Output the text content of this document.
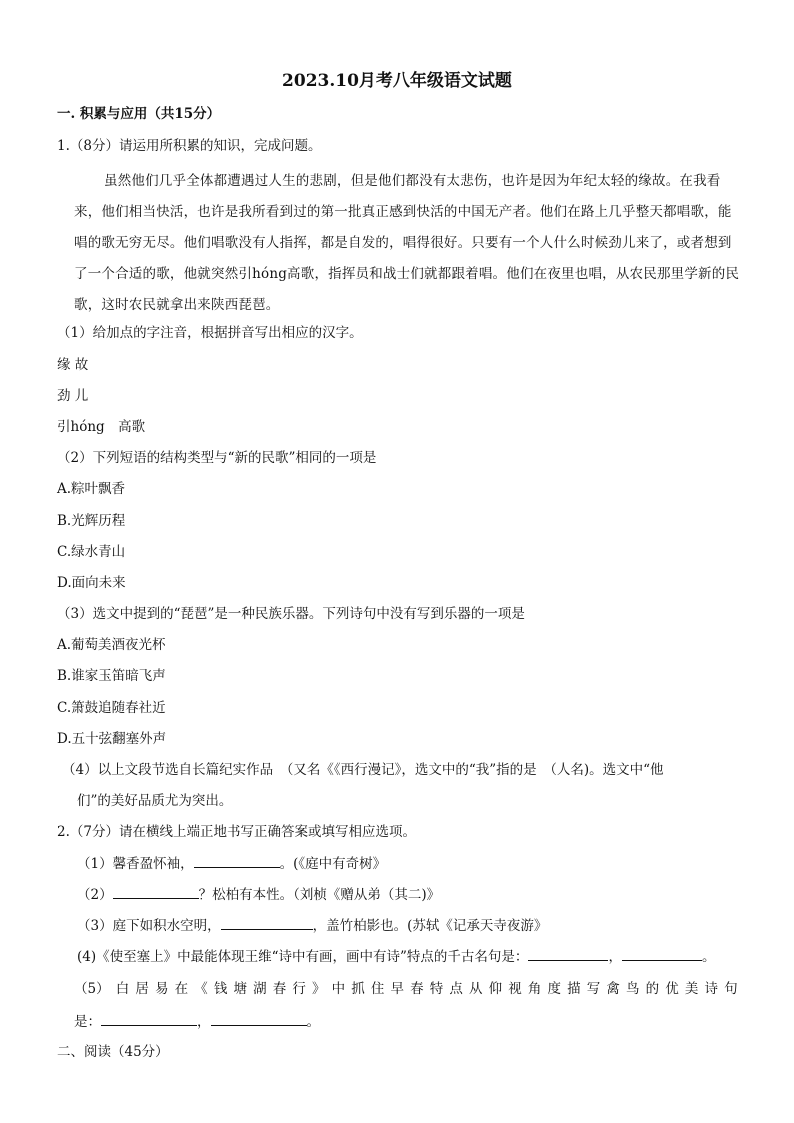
2023.10月考八年级语文试题
一. 积累与应用（共15分）
1.（8分）请运用所积累的知识，完成问题。
虽然他们几乎全体都遭遇过人生的悲剧，但是他们都没有太悲伤，也许是因为年纪太轻的缘故。在我看来，他们相当快活，也许是我所看到过的第一批真正感到快活的中国无产者。他们在路上几乎整天都唱歌，能唱的歌无穷无尽。他们唱歌没有人指挥，都是自发的，唱得很好。只要有一个人什么时候劲儿来了，或者想到了一个合适的歌，他就突然引hóng高歌，指挥员和战士们就都跟着唱。他们在夜里也唱，从农民那里学新的民歌，这时农民就拿出来陕西琵琶。
（1）给加点的字注音，根据拼音写出相应的汉字。
缘 故
劲 儿
引hóng　高歌
（2）下列短语的结构类型与“新的民歌”相同的一项是
A.粽叶飘香
B.光辉历程
C.绿水青山
D.面向未来
（3）选文中提到的“琵琶”是一种民族乐器。下列诗句中没有写到乐器的一项是
A.葡萄美酒夜光杯
B.谁家玉笛暗飞声
C.箫鼓追随春社近
D.五十弦翻塞外声
（4）以上文段节选自长篇纪实作品　（又名《《西行漫记》，选文中的“我”指的是　（人名)。选文中“他
们”的美好品质尤为突出。
2.（7分）请在横线上端正地书写正确答案或填写相应选项。
（1）馨香盈怀袖，	。(《庭中有奇树》
（2）	？松柏有本性。（刘桢《赠从弟（其二)》
（3）庭下如积水空明，	，盖竹柏影也。(苏轼《记承天寺夜游》
(4)《使至塞上》中最能体现王维“诗中有画，画中有诗”特点的千古名句是：	，	。
（5） 白 居 易 在 《 钱 塘 湖 春 行 》 中 抓 住 早 春 特 点 从 仰 视 角 度 描 写 禽 鸟 的 优 美 诗 句
是：	，	。
二、阅读（45分）
